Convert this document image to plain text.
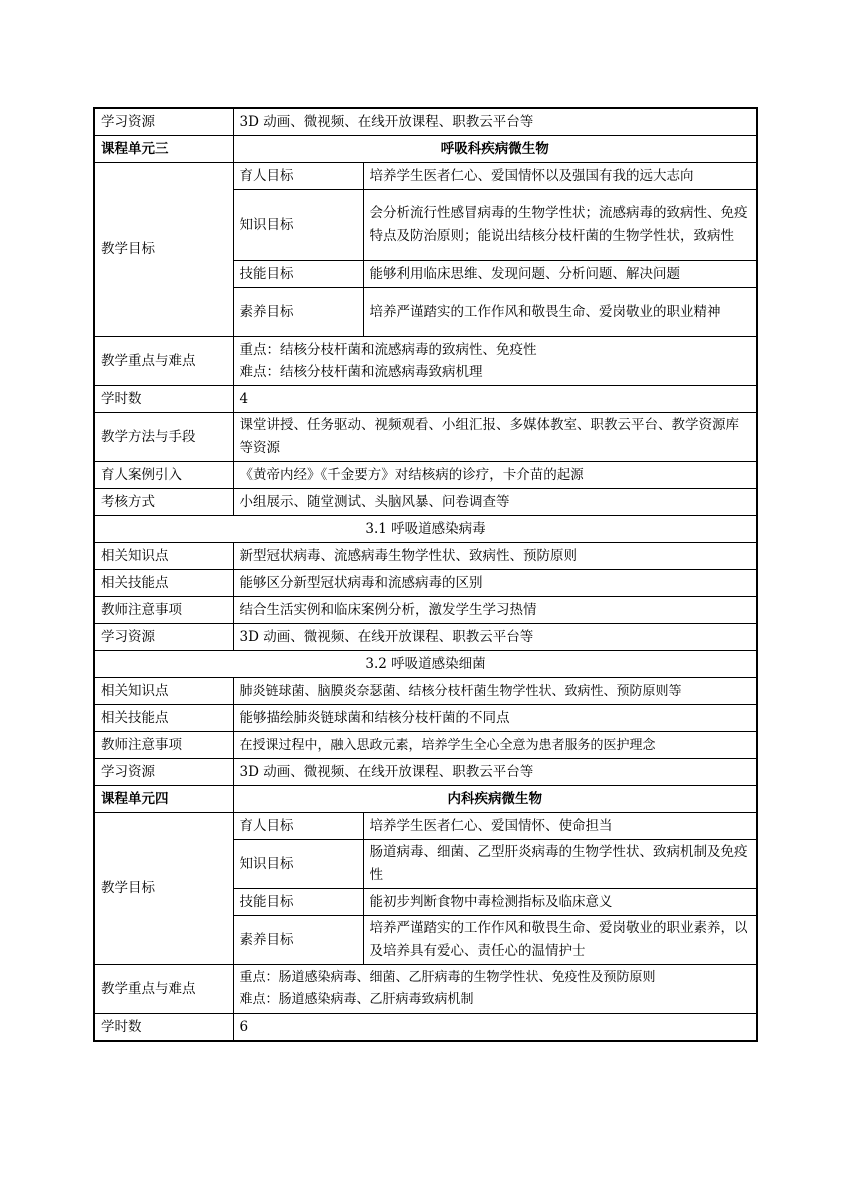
学习资源	3D 动画、微视频、在线开放课程、职教云平台等	
课程单元三	呼吸科疾病微生物	
教学目标	育人目标	培养学生医者仁心、爱国情怀以及强国有我的远大志向
	知识目标	会分析流行性感冒病毒的生物学性状；流感病毒的致病性、免疫特点及防治原则；能说出结核分枝杆菌的生物学性状，致病性
	技能目标	能够利用临床思维、发现问题、分析问题、解决问题
	素养目标	培养严谨踏实的工作作风和敬畏生命、爱岗敬业的职业精神
教学重点与难点	重点：结核分枝杆菌和流感病毒的致病性、免疫性
难点：结核分枝杆菌和流感病毒致病机理	

学时数	4	
教学方法与手段	课堂讲授、任务驱动、视频观看、小组汇报、多媒体教室、职教云平台、教学资源库等资源	
育人案例引入	《黄帝内经》《千金要方》对结核病的诊疗，卡介苗的起源	
考核方式	小组展示、随堂测试、头脑风暴、问卷调查等	
3.1 呼吸道感染病毒		
相关知识点	新型冠状病毒、流感病毒生物学性状、致病性、预防原则	
相关技能点	能够区分新型冠状病毒和流感病毒的区别	
教师注意事项	结合生活实例和临床案例分析，激发学生学习热情	
学习资源	3D 动画、微视频、在线开放课程、职教云平台等	
3.2 呼吸道感染细菌		
相关知识点	肺炎链球菌、脑膜炎奈瑟菌、结核分枝杆菌生物学性状、致病性、预防原则等	
相关技能点	能够描绘肺炎链球菌和结核分枝杆菌的不同点	
教师注意事项	在授课过程中，融入思政元素，培养学生全心全意为患者服务的医护理念	
学习资源	3D 动画、微视频、在线开放课程、职教云平台等	
课程单元四	内科疾病微生物	
教学目标	育人目标	培养学生医者仁心、爱国情怀、使命担当
	知识目标	肠道病毒、细菌、乙型肝炎病毒的生物学性状、致病机制及免疫性
	技能目标	能初步判断食物中毒检测指标及临床意义
	素养目标	培养严谨踏实的工作作风和敬畏生命、爱岗敬业的职业素养，以及培养具有爱心、责任心的温情护士
教学重点与难点	重点：肠道感染病毒、细菌、乙肝病毒的生物学性状、免疫性及预防原则
难点：肠道感染病毒、乙肝病毒致病机制	

学时数	6	
